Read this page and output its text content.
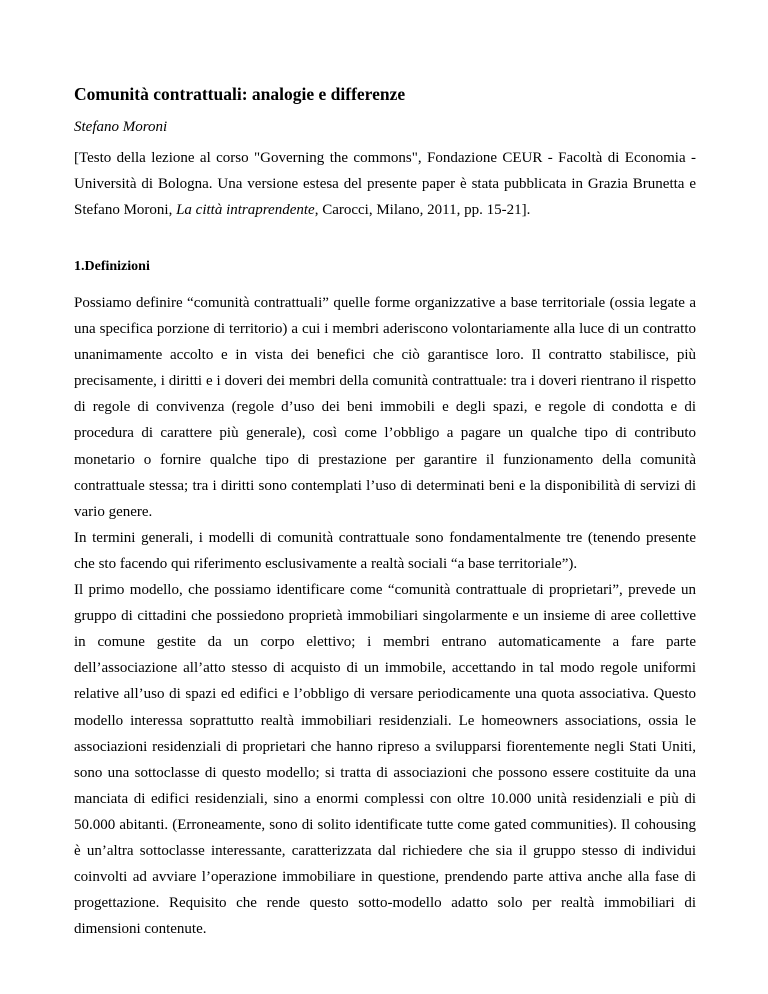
Comunità contrattuali: analogie e differenze
Stefano Moroni
[Testo della lezione al corso "Governing the commons", Fondazione CEUR - Facoltà di Economia - Università di Bologna. Una versione estesa del presente paper è stata pubblicata in Grazia Brunetta e Stefano Moroni, La città intraprendente, Carocci, Milano, 2011, pp. 15-21].
1.Definizioni

Possiamo definire “comunità contrattuali” quelle forme organizzative a base territoriale (ossia legate a una specifica porzione di territorio) a cui i membri aderiscono volontariamente alla luce di un contratto unanimamente accolto e in vista dei benefici che ciò garantisce loro. Il contratto stabilisce, più precisamente, i diritti e i doveri dei membri della comunità contrattuale: tra i doveri rientrano il rispetto di regole di convivenza (regole d’uso dei beni immobili e degli spazi, e regole di condotta e di procedura di carattere più generale), così come l’obbligo a pagare un qualche tipo di contributo monetario o fornire qualche tipo di prestazione per garantire il funzionamento della comunità contrattuale stessa; tra i diritti sono contemplati l’uso di determinati beni e la disponibilità di servizi di vario genere.

In termini generali, i modelli di comunità contrattuale sono fondamentalmente tre (tenendo presente che sto facendo qui riferimento esclusivamente a realtà sociali “a base territoriale”).

Il primo modello, che possiamo identificare come “comunità contrattuale di proprietari”, prevede un gruppo di cittadini che possiedono proprietà immobiliari singolarmente e un insieme di aree collettive in comune gestite da un corpo elettivo; i membri entrano automaticamente a fare parte dell’associazione all’atto stesso di acquisto di un immobile, accettando in tal modo regole uniformi relative all’uso di spazi ed edifici e l’obbligo di versare periodicamente una quota associativa. Questo modello interessa soprattutto realtà immobiliari residenziali. Le homeowners associations, ossia le associazioni residenziali di proprietari che hanno ripreso a svilupparsi fiorentemente negli Stati Uniti, sono una sottoclasse di questo modello; si tratta di associazioni che possono essere costituite da una manciata di edifici residenziali, sino a enormi complessi con oltre 10.000 unità residenziali e più di 50.000 abitanti. (Erroneamente, sono di solito identificate tutte come gated communities). Il cohousing è un’altra sottoclasse interessante, caratterizzata dal richiedere che sia il gruppo stesso di individui coinvolti ad avviare l’operazione immobiliare in questione, prendendo parte attiva anche alla fase di progettazione. Requisito che rende questo sotto-modello adatto solo per realtà immobiliari di dimensioni contenute.
